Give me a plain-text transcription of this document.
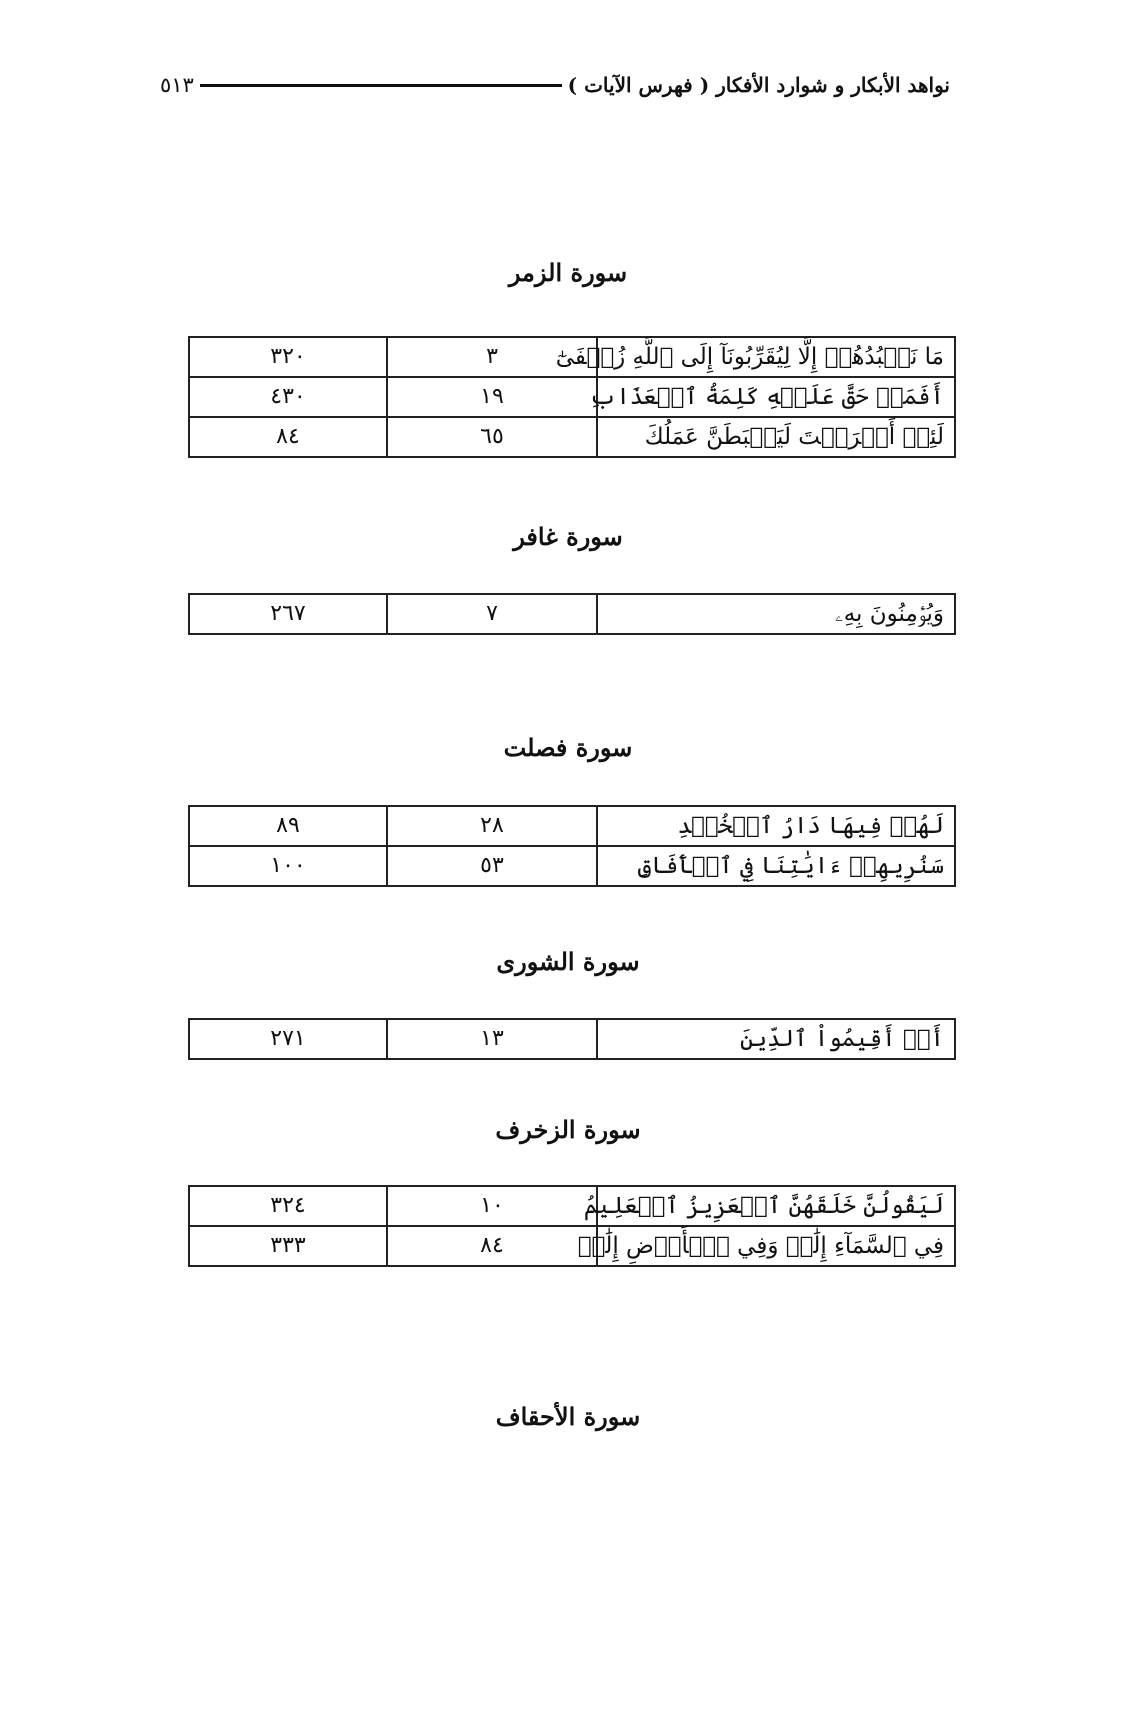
٥١٣	نواهد الأبكار و شوارد الأفكار ( فهرس الآيات )
سورة الزمر
مَا نَعۡبُدُهُمۡ إِلَّا لِيُقَرِّبُونَآ إِلَى ٱللَّهِ زُلۡفَىٰٓ	٣	٣٢٠
أَفَمَنۡ حَقَّ عَلَيۡهِ كَلِمَةُ ٱلۡعَذَابِ	١٩	٤٣٠
لَئِنۡ أَشۡرَكۡتَ لَيَحۡبَطَنَّ عَمَلُكَ	٦٥	٨٤
سورة غافر
وَيُؤۡمِنُونَ بِهِۦ	٧	٢٦٧
سورة فصلت
لَهُمۡ فِيهَا دَارُ ٱلۡخُلۡدِ	٢٨	٨٩
سَنُرِيهِمۡ ءَايَٰتِنَا فِي ٱلۡأٓفَاقِ	٥٣	١٠٠
سورة الشورى
أَنۡ أَقِيمُواْ ٱلدِّينَ	١٣	٢٧١
سورة الزخرف
لَيَقُولُنَّ خَلَقَهُنَّ ٱلۡعَزِيزُ ٱلۡعَلِيمُ	١٠	٣٢٤
فِي ٱلسَّمَآءِ إِلَٰهٞ وَفِي ٱلۡأَرۡضِ إِلَٰهٞ	٨٤	٣٣٣
سورة الأحقاف
